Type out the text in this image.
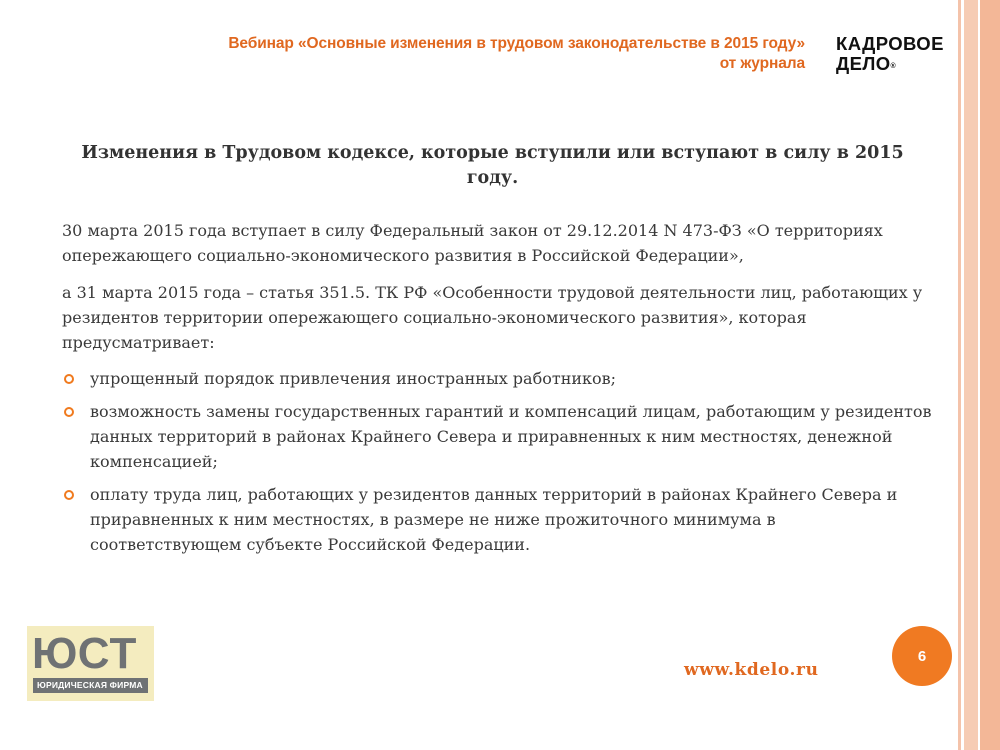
Вебинар «Основные изменения в трудовом законодательстве в 2015 году»
от журнала
КАДРОВОЕ
ДЕЛО®
Изменения в Трудовом кодексе, которые вступили или вступают в силу в 2015 году.
30 марта 2015 года вступает в силу Федеральный закон от 29.12.2014 N 473-ФЗ «О территориях опережающего социально-экономического развития в Российской Федерации»,
а 31 марта 2015 года – статья 351.5. ТК РФ «Особенности трудовой деятельности лиц, работающих у резидентов территории опережающего социально-экономического развития», которая предусматривает:
упрощенный порядок привлечения иностранных работников;
возможность замены государственных гарантий и компенсаций лицам, работающим у резидентов данных территорий в районах Крайнего Севера и приравненных к ним местностях, денежной компенсацией;
оплату труда лиц, работающих у резидентов данных территорий в районах Крайнего Севера и приравненных к ним местностях, в размере не ниже прожиточного минимума в соответствующем субъекте Российской Федерации.
ЮСТ
ЮРИДИЧЕСКАЯ ФИРМА
www.kdelo.ru
6
